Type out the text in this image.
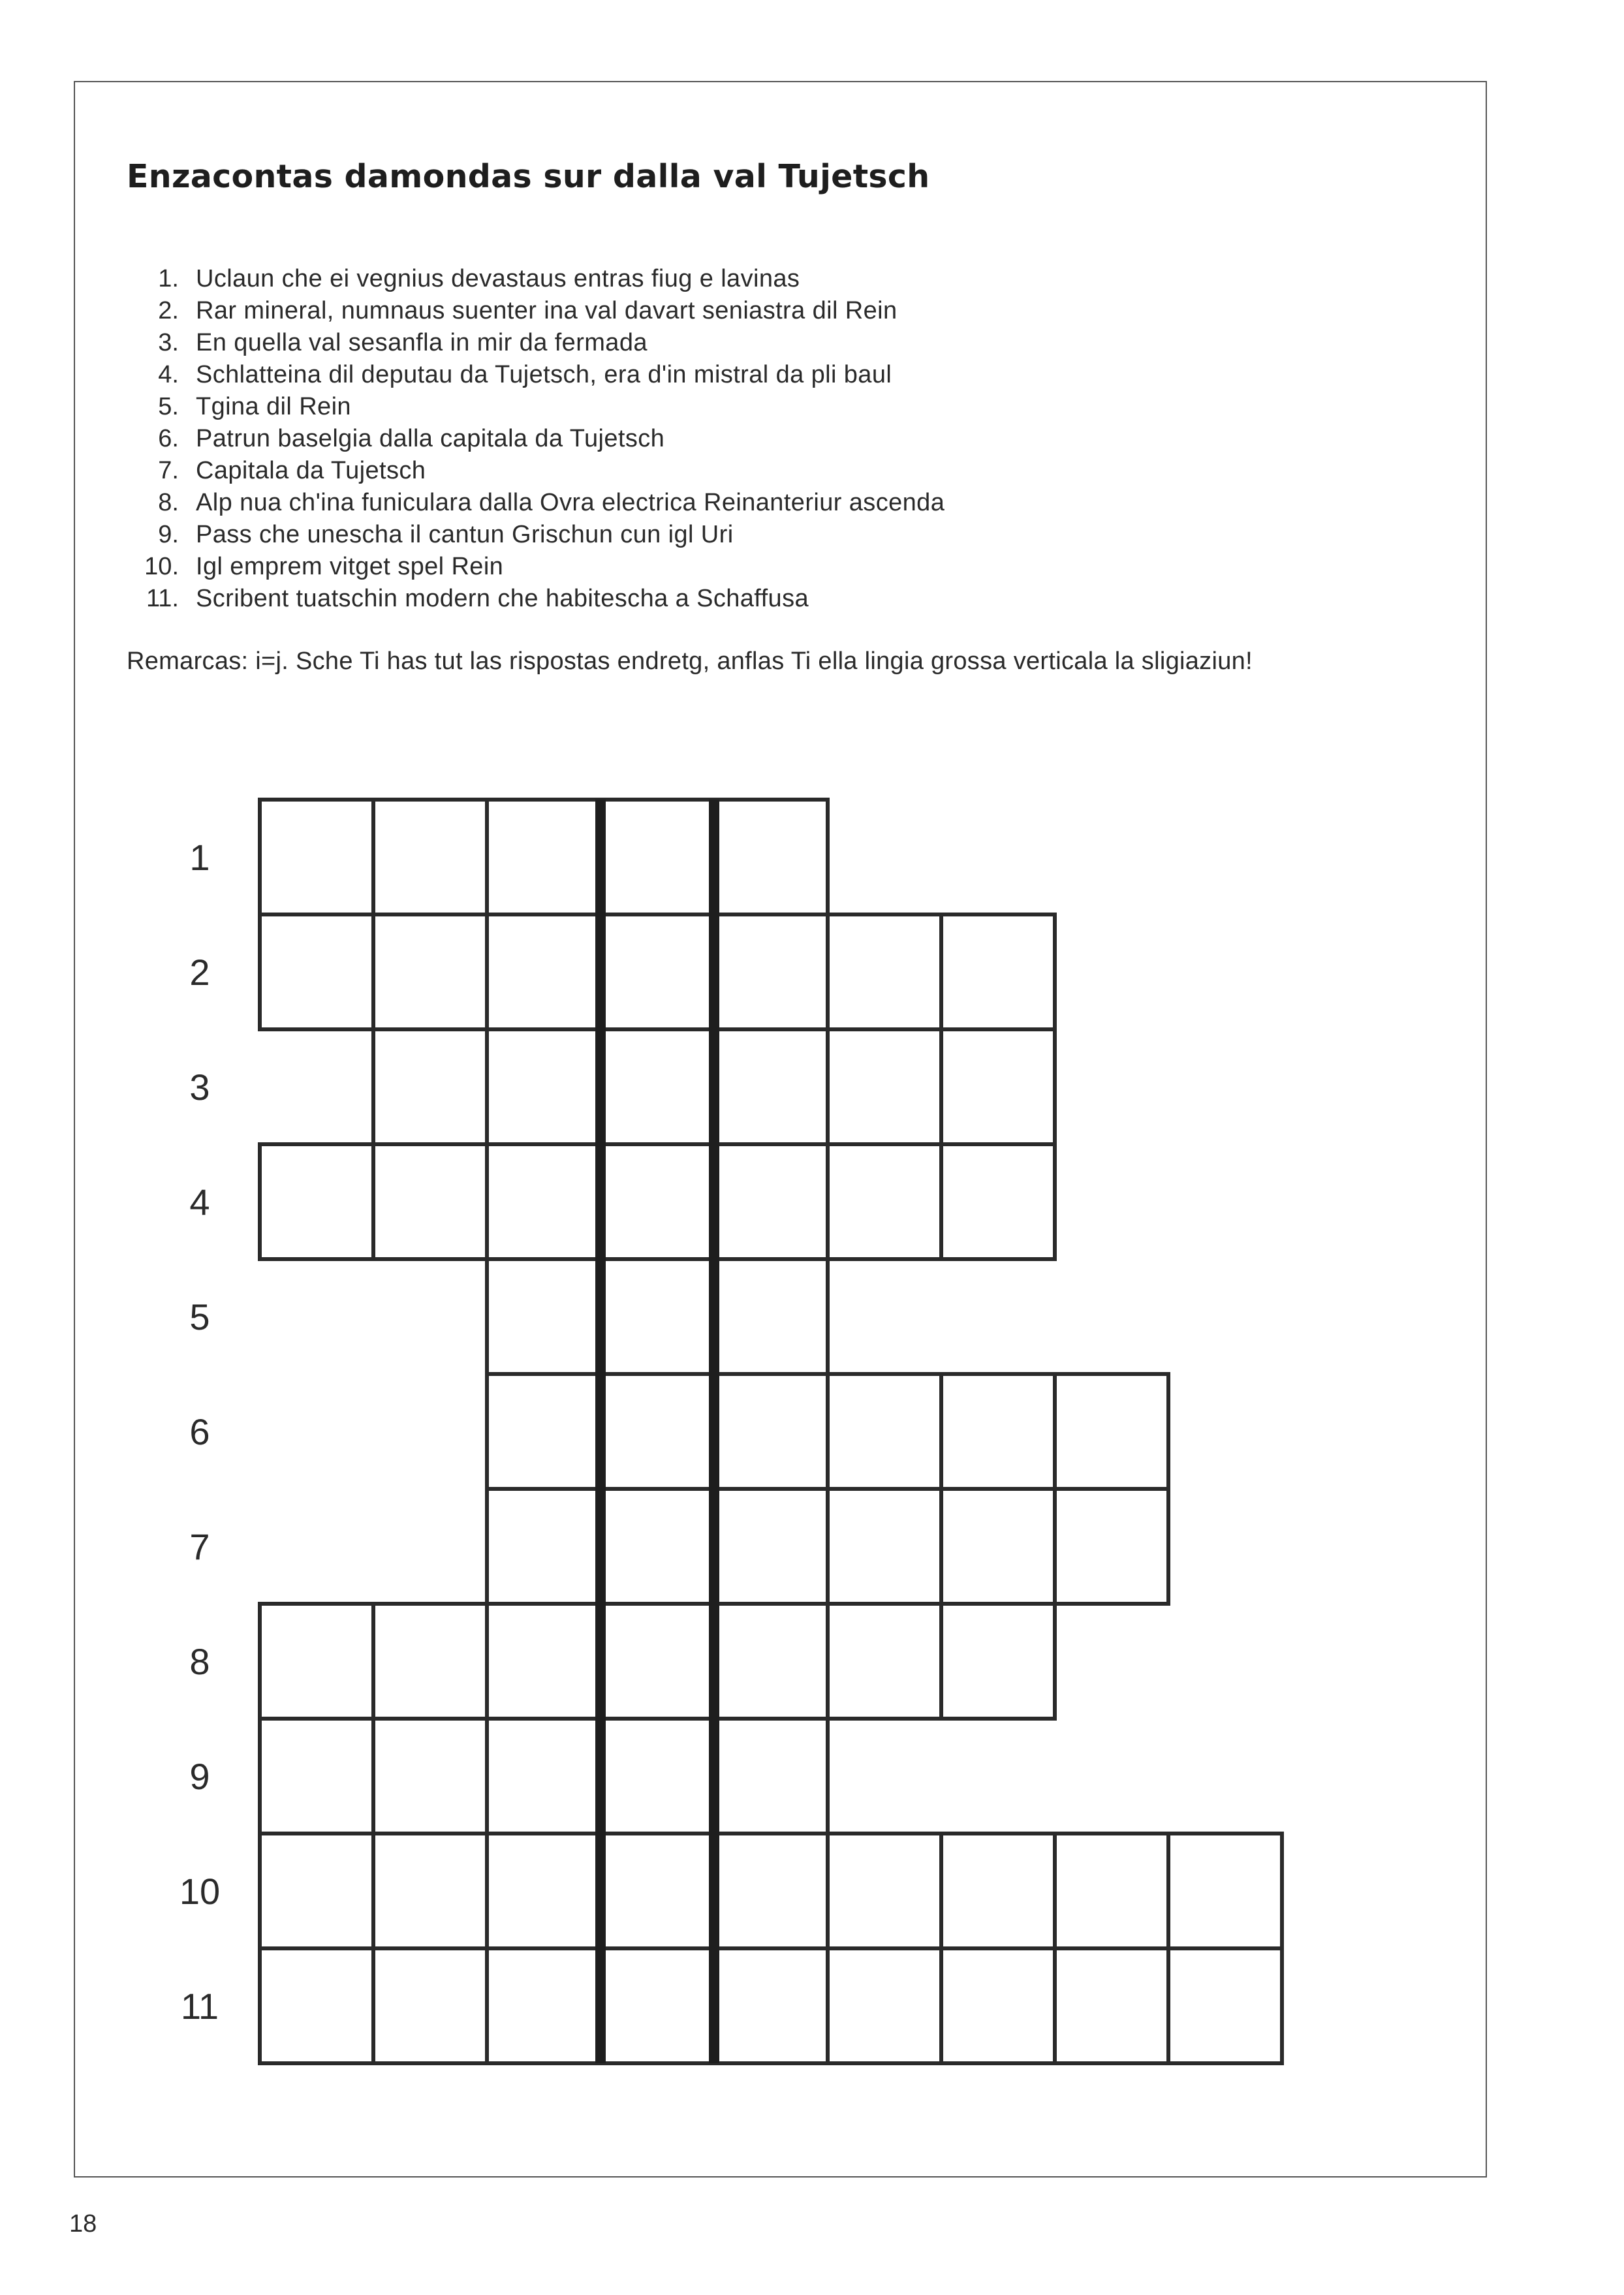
Enzacontas damondas sur dalla val Tujetsch
1. Uclaun che ei vegnius devastaus entras fiug e lavinas
2. Rar mineral, numnaus suenter ina val davart seniastra dil Rein
3. En quella val sesanfla in mir da fermada
4. Schlatteina dil deputau da Tujetsch, era d'in mistral da pli baul
5. Tgina dil Rein
6. Patrun baselgia dalla capitala da Tujetsch
7. Capitala da Tujetsch
8. Alp nua ch'ina funiculara dalla Ovra electrica Reinanteriur ascenda
9. Pass che unescha il cantun Grischun cun igl Uri
10. Igl emprem vitget spel Rein
11. Scribent tuatschin modern che habitescha a Schaffusa

Remarcas: i=j. Sche Ti has tut las rispostas endretg, anflas Ti ella lingia grossa verticala la sligiaziun!

1
2
3
4
5
6
7
8
9
10
11

18
